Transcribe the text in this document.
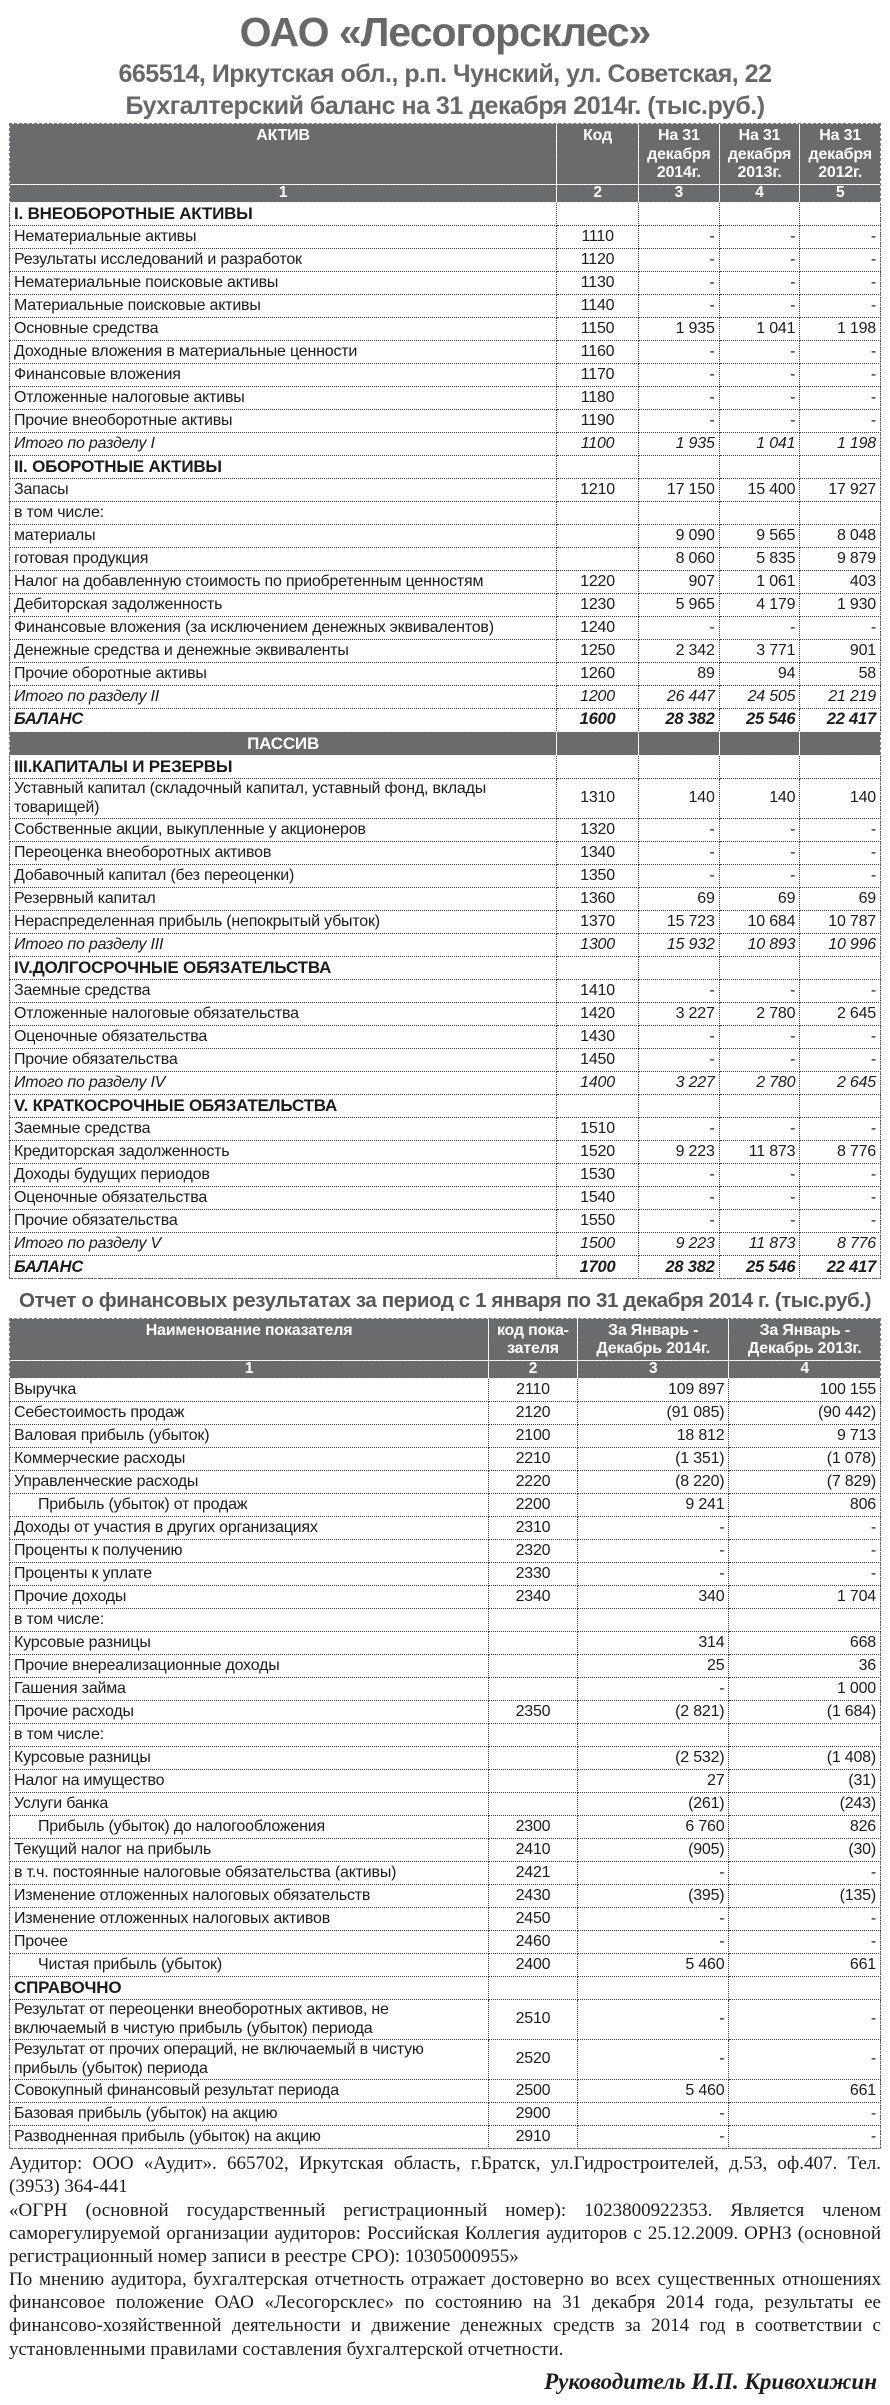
ОАО «Лесогорсклес»
665514, Иркутская обл., р.п. Чунский, ул. Советская, 22
Бухгалтерский баланс на 31 декабря 2014г. (тыс.руб.)
АКТИВ	Код	На 31 декабря 2014г.	На 31 декабря 2013г.	На 31 декабря 2012г.
1	2	3	4	5
I. ВНЕОБОРОТНЫЕ АКТИВЫ				
Нематериальные активы	1110	-	-	-
Результаты исследований и разработок	1120	-	-	-
Нематериальные поисковые активы	1130	-	-	-
Материальные поисковые активы	1140	-	-	-
Основные средства	1150	1 935	1 041	1 198
Доходные вложения в материальные ценности	1160	-	-	-
Финансовые вложения	1170	-	-	-
Отложенные налоговые активы	1180	-	-	-
Прочие внеоборотные активы	1190	-	-	-
Итого по разделу I	1100	1 935	1 041	1 198
II. ОБОРОТНЫЕ АКТИВЫ				
Запасы	1210	17 150	15 400	17 927
в том числе:				
материалы		9 090	9 565	8 048
готовая продукция		8 060	5 835	9 879
Налог на добавленную стоимость по приобретенным ценностям	1220	907	1 061	403
Дебиторская задолженность	1230	5 965	4 179	1 930
Финансовые вложения (за исключением денежных эквивалентов)	1240	-	-	-
Денежные средства и денежные эквиваленты	1250	2 342	3 771	901
Прочие оборотные активы	1260	89	94	58
Итого по разделу II	1200	26 447	24 505	21 219
БАЛАНС	1600	28 382	25 546	22 417
ПАССИВ				
III.КАПИТАЛЫ И РЕЗЕРВЫ				
Уставный капитал (складочный капитал, уставный фонд, вклады товарищей)	1310	140	140	140
Собственные акции, выкупленные у акционеров	1320	-	-	-
Переоценка внеоборотных активов	1340	-	-	-
Добавочный капитал (без переоценки)	1350	-	-	-
Резервный капитал	1360	69	69	69
Нераспределенная прибыль (непокрытый убыток)	1370	15 723	10 684	10 787
Итого по разделу III	1300	15 932	10 893	10 996
IV.ДОЛГОСРОЧНЫЕ ОБЯЗАТЕЛЬСТВА				
Заемные средства	1410	-	-	-
Отложенные налоговые обязательства	1420	3 227	2 780	2 645
Оценочные обязательства	1430	-	-	-
Прочие обязательства	1450	-	-	-
Итого по разделу IV	1400	3 227	2 780	2 645
V. КРАТКОСРОЧНЫЕ ОБЯЗАТЕЛЬСТВА				
Заемные средства	1510	-	-	-
Кредиторская задолженность	1520	9 223	11 873	8 776
Доходы будущих периодов	1530	-	-	-
Оценочные обязательства	1540	-	-	-
Прочие обязательства	1550	-	-	-
Итого по разделу V	1500	9 223	11 873	8 776
БАЛАНС	1700	28 382	25 546	22 417
Отчет о финансовых результатах за период с 1 января по 31 декабря 2014 г. (тыс.руб.)
Наименование показателя	код показателя	За Январь - Декабрь 2014г.	За Январь - Декабрь 2013г.
1	2	3	4
Выручка	2110	109 897	100 155
Себестоимость продаж	2120	(91 085)	(90 442)
Валовая прибыль (убыток)	2100	18 812	9 713
Коммерческие расходы	2210	(1 351)	(1 078)
Управленческие расходы	2220	(8 220)	(7 829)
Прибыль (убыток) от продаж	2200	9 241	806
Доходы от участия в других организациях	2310	-	-
Проценты к получению	2320	-	-
Проценты к уплате	2330	-	-
Прочие доходы	2340	340	1 704
в том числе:			
Курсовые разницы		314	668
Прочие внереализационные доходы		25	36
Гашения займа		-	1 000
Прочие расходы	2350	(2 821)	(1 684)
в том числе:			
Курсовые разницы		(2 532)	(1 408)
Налог на имущество		27	(31)
Услуги банка		(261)	(243)
Прибыль (убыток) до налогообложения	2300	6 760	826
Текущий налог на прибыль	2410	(905)	(30)
в т.ч. постоянные налоговые обязательства (активы)	2421	-	-
Изменение отложенных налоговых обязательств	2430	(395)	(135)
Изменение отложенных налоговых активов	2450	-	-
Прочее	2460	-	-
Чистая прибыль (убыток)	2400	5 460	661
СПРАВОЧНО			
Результат от переоценки внеоборотных активов, не включаемый в чистую прибыль (убыток) периода	2510	-	-
Результат от прочих операций, не включаемый в чистую прибыль (убыток) периода	2520	-	-
Совокупный финансовый результат периода	2500	5 460	661
Базовая прибыль (убыток) на акцию	2900	-	-
Разводненная прибыль (убыток) на акцию	2910	-	-

Аудитор: ООО «Аудит». 665702, Иркутская область, г.Братск, ул.Гидростроителей, д.53, оф.407. Тел. (3953) 364-441

«ОГРН (основной государственный регистрационный номер): 1023800922353. Является членом саморегулируемой организации аудиторов: Российская Коллегия аудиторов с 25.12.2009. ОРНЗ (основной регистрационный номер записи в реестре СРО): 10305000955»

По мнению аудитора, бухгалтерская отчетность отражает достоверно во всех существенных отношениях финансовое положение ОАО «Лесогорсклес» по состоянию на 31 декабря 2014 года, результаты ее финансово-хозяйственной деятельности и движение денежных средств за 2014 год в соответствии с установленными правилами составления бухгалтерской отчетности.

Руководитель И.П. Кривохижин
